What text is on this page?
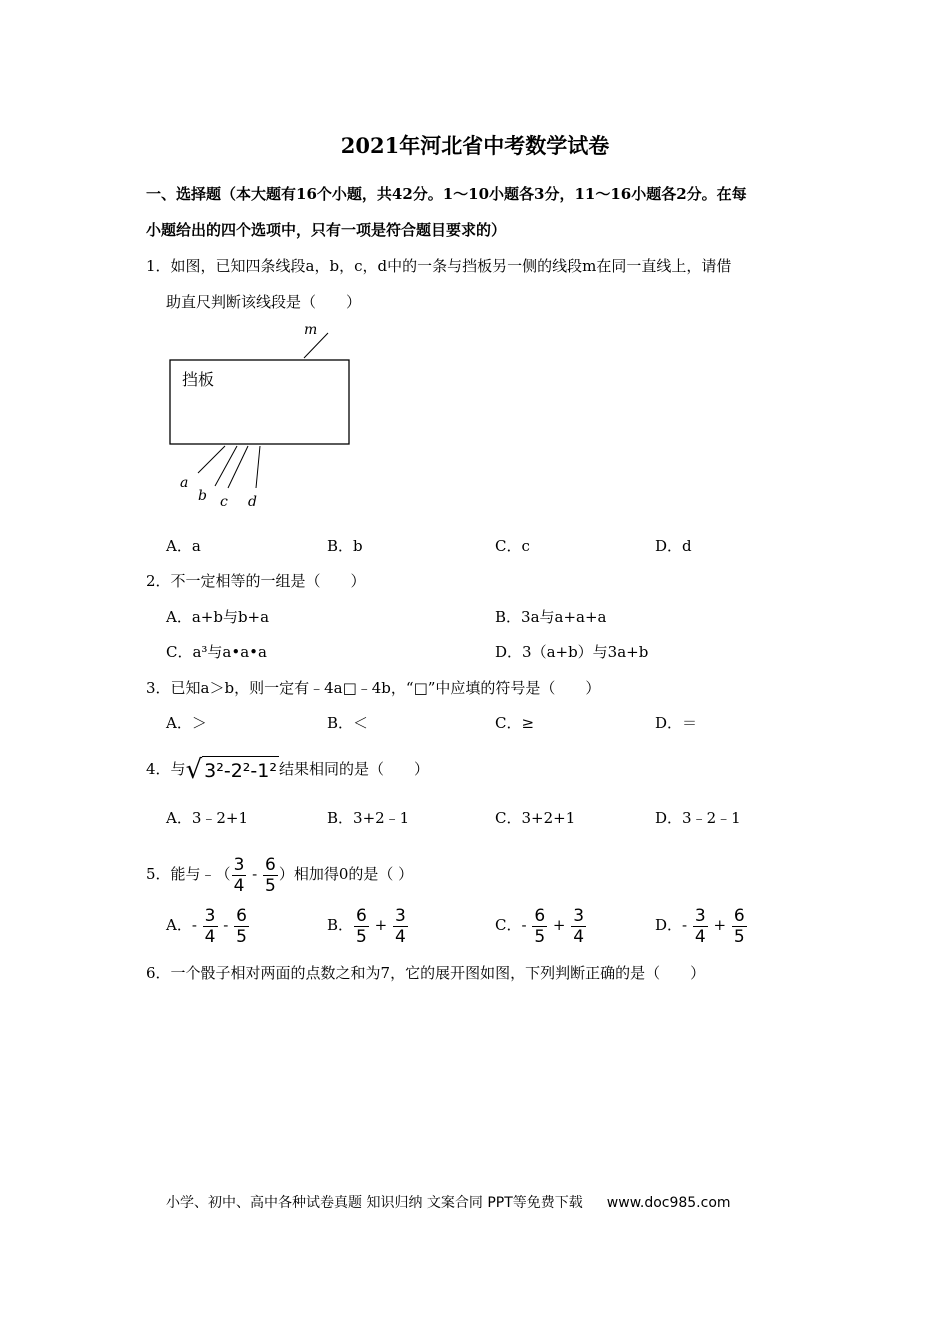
2021年河北省中考数学试卷
一、选择题（本大题有16个小题，共42分。1～10小题各3分，11～16小题各2分。在每
小题给出的四个选项中，只有一项是符合题目要求的）
1．如图，已知四条线段a，b，c，d中的一条与挡板另一侧的线段m在同一直线上，请借
助直尺判断该线段是（　　）
挡板
m
a
b c d
A．a	B．b	C．c	D．d
2．不一定相等的一组是（　　）
A．a+b与b+a	B．3a与a+a+a
C．a³与a•a•a	D．3（a+b）与3a+b
3．已知a＞b，则一定有﹣4a□﹣4b，“□”中应填的符号是（　　）
A．＞	B．＜	C．≥	D．＝
4．与 √ 3²-2²-1² 结果相同的是（　　）
A．3﹣2+1	B．3+2﹣1	C．3+2+1	D．3﹣2﹣1
5．能与﹣（ $\frac{3}{4} - \frac{6}{5}$ ）相加得0的是（ ）
A．- $\frac{3}{4} - \frac{6}{5}$	B． $\frac{6}{5} + \frac{3}{4}$	C．- $\frac{6}{5} + \frac{3}{4}$	D．- $\frac{3}{4} + \frac{6}{5}$
6．一个骰子相对两面的点数之和为7，它的展开图如图，下列判断正确的是（　　）
小学、初中、高中各种试卷真题 知识归纳 文案合同 PPT等免费下载 www.doc985.com
